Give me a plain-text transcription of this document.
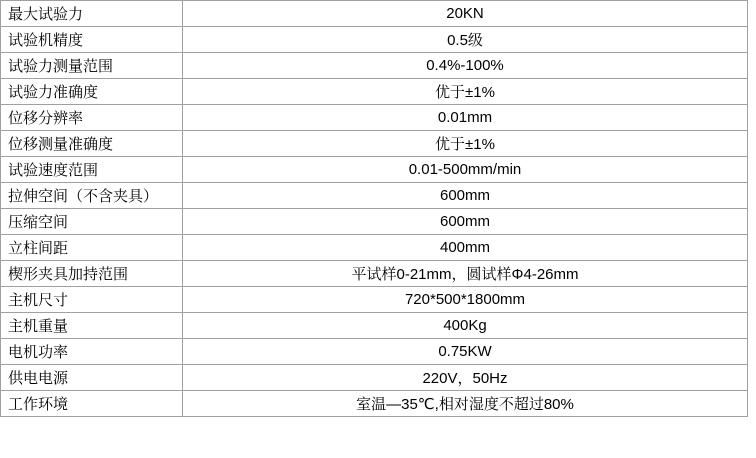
最大试验力	20KN
试验机精度	0.5级
试验力测量范围	0.4%-100%
试验力准确度	优于±1%
位移分辨率	0.01mm
位移测量准确度	优于±1%
试验速度范围	0.01-500mm/min
拉伸空间（不含夹具）	600mm
压缩空间	600mm
立柱间距	400mm
楔形夹具加持范围	平试样0-21mm，圆试样Φ4-26mm
主机尺寸	720*500*1800mm
主机重量	400Kg
电机功率	0.75KW
供电电源	220V，50Hz
工作环境	室温—35℃,相对湿度不超过80%
